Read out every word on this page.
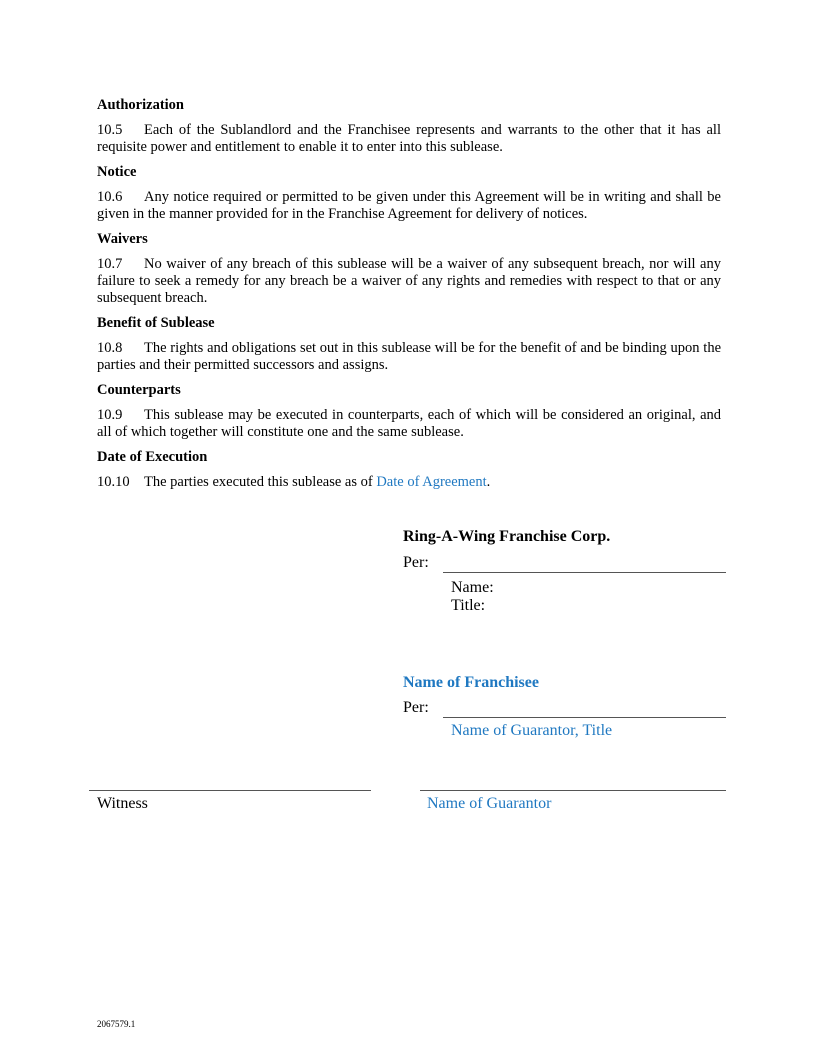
Authorization

10.5 Each of the Sublandlord and the Franchisee represents and warrants to the other that it has all requisite power and entitlement to enable it to enter into this sublease.

Notice

10.6 Any notice required or permitted to be given under this Agreement will be in writing and shall be given in the manner provided for in the Franchise Agreement for delivery of notices.

Waivers

10.7 No waiver of any breach of this sublease will be a waiver of any subsequent breach, nor will any failure to seek a remedy for any breach be a waiver of any rights and remedies with respect to that or any subsequent breach.

Benefit of Sublease

10.8 The rights and obligations set out in this sublease will be for the benefit of and be binding upon the parties and their permitted successors and assigns.

Counterparts

10.9 This sublease may be executed in counterparts, each of which will be considered an original, and all of which together will constitute one and the same sublease.

Date of Execution

10.10 The parties executed this sublease as of Date of Agreement.

Ring-A-Wing Franchise Corp.
Per:
Name:
Title:
Name of Franchisee
Per:
Name of Guarantor, Title
Witness	Name of Guarantor
2067579.1
